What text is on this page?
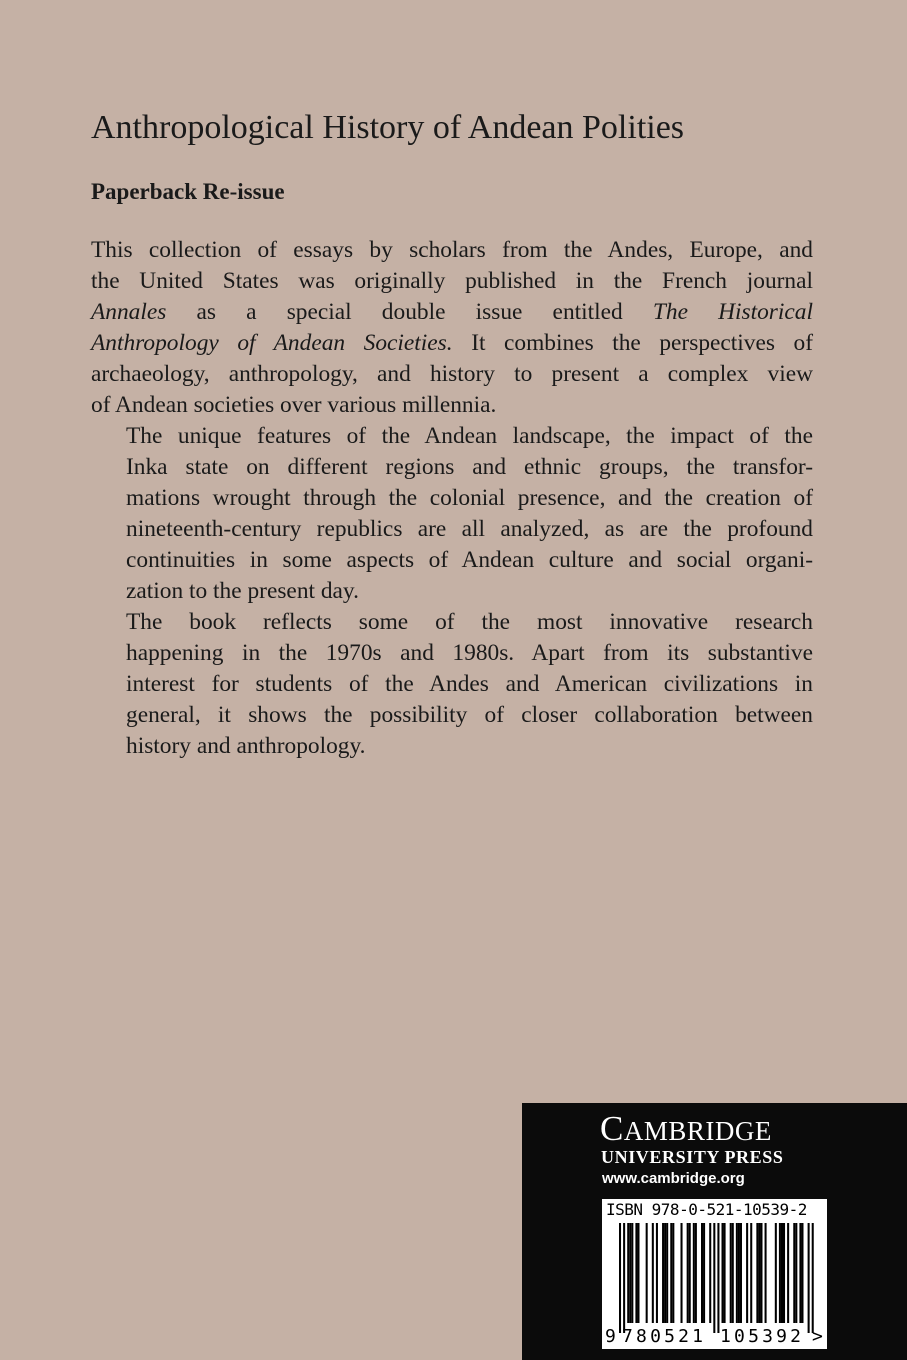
Anthropological History of Andean Polities
Paperback Re-issue

This collection of essays by scholars from the Andes, Europe, and
the United States was originally published in the French journal
Annales as a special double issue entitled The Historical
Anthropology of Andean Societies. It combines the perspectives of
archaeology, anthropology, and history to present a complex view
of Andean societies over various millennia.

The unique features of the Andean landscape, the impact of the
Inka state on different regions and ethnic groups, the transfor-
mations wrought through the colonial presence, and the creation of
nineteenth-century republics are all analyzed, as are the profound
continuities in some aspects of Andean culture and social organi-
zation to the present day.

The book reflects some of the most innovative research
happening in the 1970s and 1980s. Apart from its substantive
interest for students of the Andes and American civilizations in
general, it shows the possibility of closer collaboration between
history and anthropology.

CAMBRIDGE
UNIVERSITY PRESS
www.cambridge.org
ISBN 978-0-521-10539-2
9 780521 105392 >
